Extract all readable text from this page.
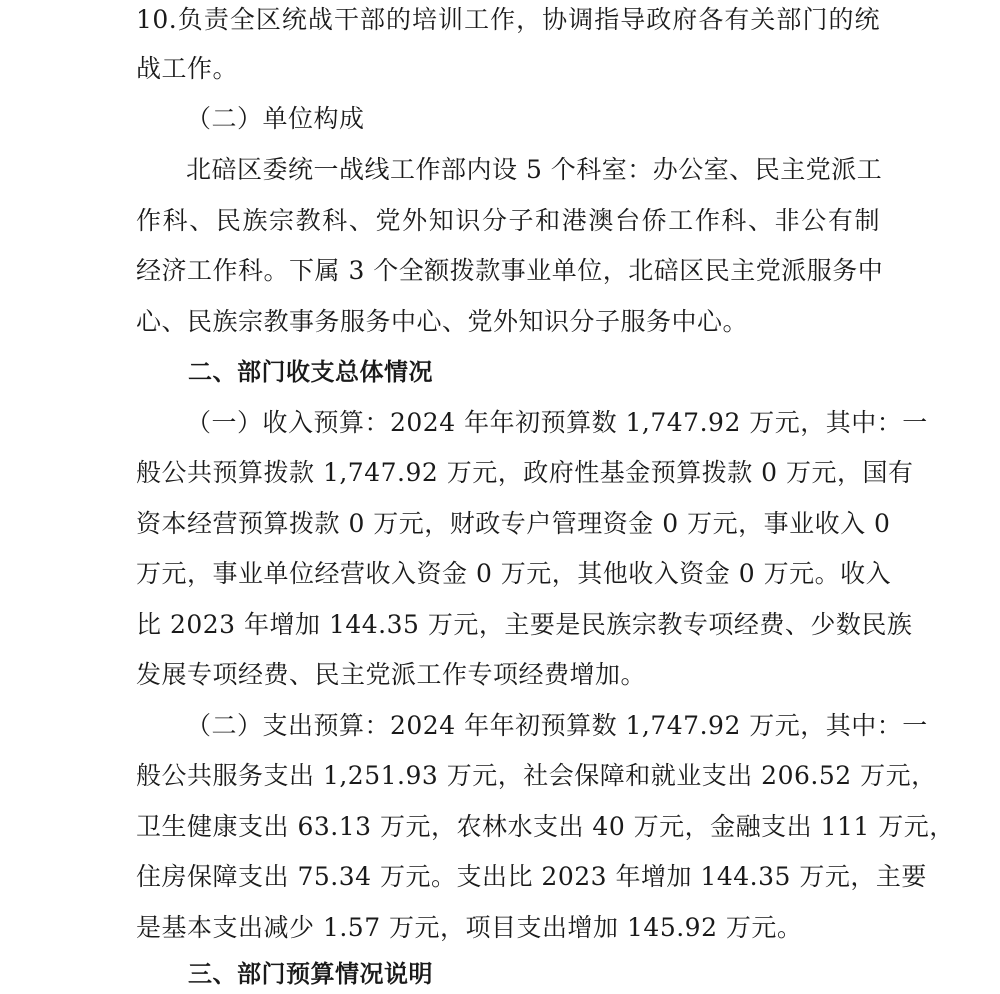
10.负责全区统战干部的培训工作，协调指导政府各有关部门的统
战工作。
（二）单位构成
北碚区委统一战线工作部内设 5 个科室：办公室、民主党派工
作科、民族宗教科、党外知识分子和港澳台侨工作科、非公有制
经济工作科。下属 3 个全额拨款事业单位，北碚区民主党派服务中
心、民族宗教事务服务中心、党外知识分子服务中心。
二、部门收支总体情况
（一）收入预算：2024 年年初预算数 1,747.92 万元，其中：一
般公共预算拨款 1,747.92 万元，政府性基金预算拨款 0 万元，国有
资本经营预算拨款 0 万元，财政专户管理资金 0 万元，事业收入 0
万元，事业单位经营收入资金 0 万元，其他收入资金 0 万元。收入
比 2023 年增加 144.35 万元，主要是民族宗教专项经费、少数民族
发展专项经费、民主党派工作专项经费增加。
（二）支出预算：2024 年年初预算数 1,747.92 万元，其中：一
般公共服务支出 1,251.93 万元，社会保障和就业支出 206.52 万元，
卫生健康支出 63.13 万元，农林水支出 40 万元，金融支出 111 万元，
住房保障支出 75.34 万元。支出比 2023 年增加 144.35 万元，主要
是基本支出减少 1.57 万元，项目支出增加 145.92 万元。
三、部门预算情况说明
